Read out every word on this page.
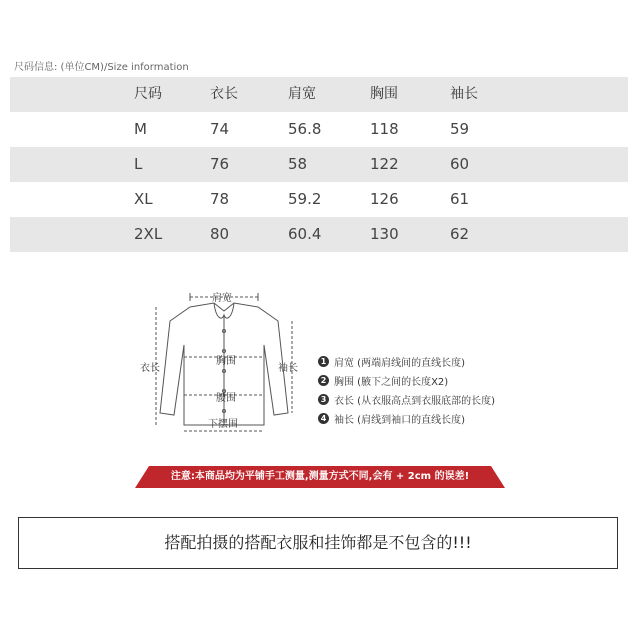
尺码信息: (单位CM)/Size information
尺码	衣长	肩宽	胸围	袖长
M	74	56.8	118	59
L	76	58	122	60
XL	78	59.2	126	61
2XL	80	60.4	130	62
肩宽
胸围
腰围
下摆围
衣长	袖长
1 肩宽 (两端肩线间的直线长度)
2 胸围 (腋下之间的长度X2)
3 衣长 (从衣服高点到衣服底部的长度)
4 袖长 (肩线到袖口的直线长度)
注意:本商品均为平铺手工测量,测量方式不同,会有 + 2cm 的误差!
搭配拍摄的搭配衣服和挂饰都是不包含的!!!
